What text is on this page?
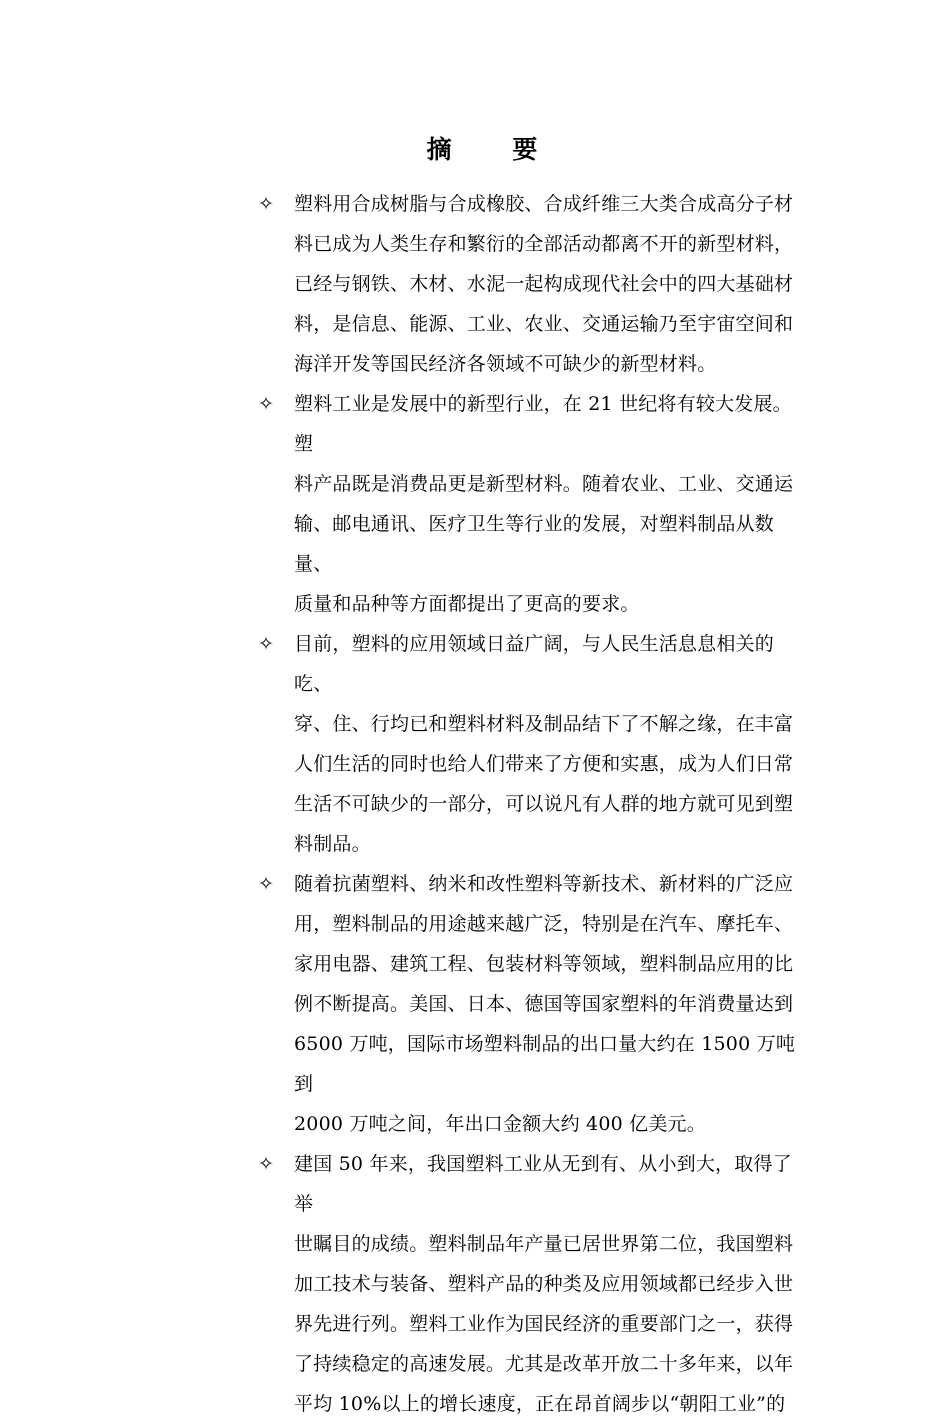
摘 要
✧	塑料用合成树脂与合成橡胶、合成纤维三大类合成高分子材
料已成为人类生存和繁衍的全部活动都离不开的新型材料，
已经与钢铁、木材、水泥一起构成现代社会中的四大基础材
料，是信息、能源、工业、农业、交通运输乃至宇宙空间和
海洋开发等国民经济各领域不可缺少的新型材料。
✧	塑料工业是发展中的新型行业，在 21 世纪将有较大发展。塑
料产品既是消费品更是新型材料。随着农业、工业、交通运
输、邮电通讯、医疗卫生等行业的发展，对塑料制品从数量、
质量和品种等方面都提出了更高的要求。
✧	目前，塑料的应用领域日益广阔，与人民生活息息相关的吃、
穿、住、行均已和塑料材料及制品结下了不解之缘，在丰富
人们生活的同时也给人们带来了方便和实惠，成为人们日常
生活不可缺少的一部分，可以说凡有人群的地方就可见到塑
料制品。
✧	随着抗菌塑料、纳米和改性塑料等新技术、新材料的广泛应
用，塑料制品的用途越来越广泛，特别是在汽车、摩托车、
家用电器、建筑工程、包装材料等领域，塑料制品应用的比
例不断提高。美国、日本、德国等国家塑料的年消费量达到
6500 万吨，国际市场塑料制品的出口量大约在 1500 万吨到
2000 万吨之间，年出口金额大约 400 亿美元。
✧	建国 50 年来，我国塑料工业从无到有、从小到大，取得了举
世瞩目的成绩。塑料制品年产量已居世界第二位，我国塑料
加工技术与装备、塑料产品的种类及应用领域都已经步入世
界先进行列。塑料工业作为国民经济的重要部门之一，获得
了持续稳定的高速发展。尤其是改革开放二十多年来，以年
平均 10%以上的增长速度，正在昂首阔步以“朝阳工业”的
